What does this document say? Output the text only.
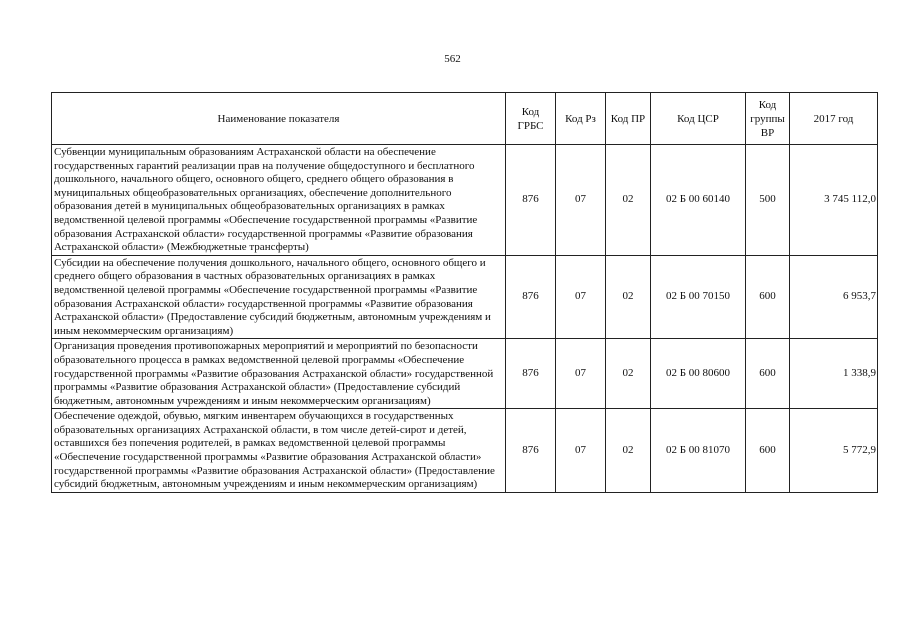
562
Наименование показателя	Код ГРБС	Код Рз	Код ПР	Код ЦСР	Код группы ВР	2017 год
Субвенции муниципальным образованиям Астраханской области на обеспечение государственных гарантий реализации прав на получение общедоступного и бесплатного дошкольного, начального общего, основного общего, среднего общего образования в муниципальных общеобразовательных организациях, обеспечение дополнительного образования детей в муниципальных общеобразовательных организациях в рамках ведомственной целевой программы «Обеспечение государственной программы «Развитие образования Астраханской области» государственной программы «Развитие образования Астраханской области» (Межбюджетные трансферты)	876	07	02	02 Б 00 60140	500	3 745 112,0
Субсидии на обеспечение получения дошкольного, начального общего, основного общего и среднего общего образования в частных образовательных организациях в рамках ведомственной целевой программы «Обеспечение государственной программы «Развитие образования Астраханской области» государственной программы «Развитие образования Астраханской области» (Предоставление субсидий бюджетным, автономным учреждениям и иным некоммерческим организациям)	876	07	02	02 Б 00 70150	600	6 953,7
Организация проведения противопожарных мероприятий и мероприятий по безопасности образовательного процесса в рамках ведомственной целевой программы «Обеспечение государственной программы «Развитие образования Астраханской области» государственной программы «Развитие образования Астраханской области» (Предоставление субсидий бюджетным, автономным учреждениям и иным некоммерческим организациям)	876	07	02	02 Б 00 80600	600	1 338,9
Обеспечение одеждой, обувью, мягким инвентарем обучающихся в государственных образовательных организациях Астраханской области, в том числе детей-сирот и детей, оставшихся без попечения родителей, в рамках ведомственной целевой программы «Обеспечение государственной программы «Развитие образования Астраханской области» государственной программы «Развитие образования Астраханской области» (Предоставление субсидий бюджетным, автономным учреждениям и иным некоммерческим организациям)	876	07	02	02 Б 00 81070	600	5 772,9
